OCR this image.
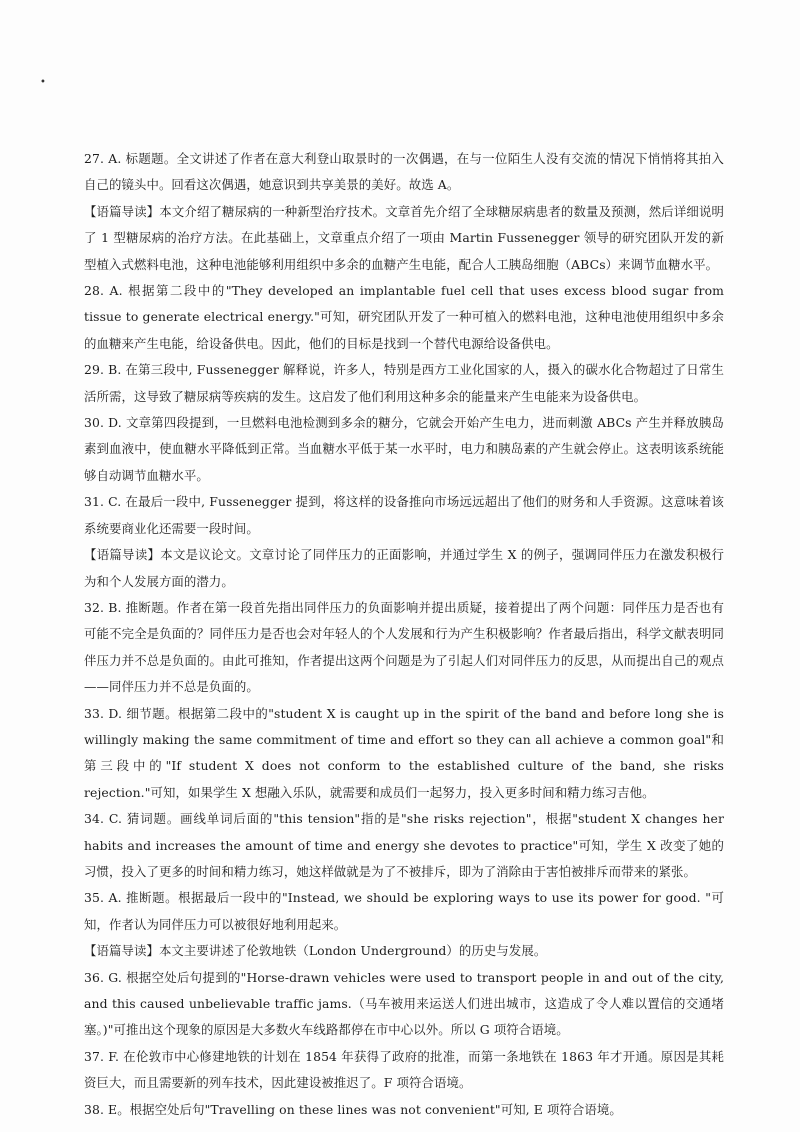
•

27. A. 标题题。全文讲述了作者在意大利登山取景时的一次偶遇，在与一位陌生人没有交流的情况下悄悄将其拍入自己的镜头中。回看这次偶遇，她意识到共享美景的美好。故选 A。

【语篇导读】本文介绍了糖尿病的一种新型治疗技术。文章首先介绍了全球糖尿病患者的数量及预测，然后详细说明了 1 型糖尿病的治疗方法。在此基础上，文章重点介绍了一项由 Martin Fussenegger 领导的研究团队开发的新型植入式燃料电池，这种电池能够利用组织中多余的血糖产生电能，配合人工胰岛细胞（ABCs）来调节血糖水平。

28. A. 根据第二段中的"They developed an implantable fuel cell that uses excess blood sugar from tissue to generate electrical energy."可知，研究团队开发了一种可植入的燃料电池，这种电池使用组织中多余的血糖来产生电能，给设备供电。因此，他们的目标是找到一个替代电源给设备供电。

29. B. 在第三段中, Fussenegger 解释说，许多人，特别是西方工业化国家的人，摄入的碳水化合物超过了日常生活所需，这导致了糖尿病等疾病的发生。这启发了他们利用这种多余的能量来产生电能来为设备供电。

30. D. 文章第四段提到，一旦燃料电池检测到多余的糖分，它就会开始产生电力，进而刺激 ABCs 产生并释放胰岛素到血液中，使血糖水平降低到正常。当血糖水平低于某一水平时，电力和胰岛素的产生就会停止。这表明该系统能够自动调节血糖水平。

31. C. 在最后一段中, Fussenegger 提到，将这样的设备推向市场远远超出了他们的财务和人手资源。这意味着该系统要商业化还需要一段时间。

【语篇导读】本文是议论文。文章讨论了同伴压力的正面影响，并通过学生 X 的例子，强调同伴压力在激发积极行为和个人发展方面的潜力。

32. B. 推断题。作者在第一段首先指出同伴压力的负面影响并提出质疑，接着提出了两个问题：同伴压力是否也有可能不完全是负面的？同伴压力是否也会对年轻人的个人发展和行为产生积极影响？作者最后指出，科学文献表明同伴压力并不总是负面的。由此可推知，作者提出这两个问题是为了引起人们对同伴压力的反思，从而提出自己的观点——同伴压力并不总是负面的。

33. D. 细节题。根据第二段中的"student X is caught up in the spirit of the band and before long she is willingly making the same commitment of time and effort so they can all achieve a common goal"和第三段中的"If student X does not conform to the established culture of the band, she risks rejection."可知，如果学生 X 想融入乐队，就需要和成员们一起努力，投入更多时间和精力练习吉他。

34. C. 猜词题。画线单词后面的"this tension"指的是"she risks rejection"，根据"student X changes her habits and increases the amount of time and energy she devotes to practice"可知，学生 X 改变了她的习惯，投入了更多的时间和精力练习，她这样做就是为了不被排斥，即为了消除由于害怕被排斥而带来的紧张。

35. A. 推断题。根据最后一段中的"Instead, we should be exploring ways to use its power for good. "可知，作者认为同伴压力可以被很好地利用起来。

【语篇导读】本文主要讲述了伦敦地铁（London Underground）的历史与发展。

36. G. 根据空处后句提到的"Horse-drawn vehicles were used to transport people in and out of the city, and this caused unbelievable traffic jams.（马车被用来运送人们进出城市，这造成了令人难以置信的交通堵塞。)"可推出这个现象的原因是大多数火车线路都停在市中心以外。所以 G 项符合语境。

37. F. 在伦敦市中心修建地铁的计划在 1854 年获得了政府的批准，而第一条地铁在 1863 年才开通。原因是其耗资巨大，而且需要新的列车技术，因此建设被推迟了。F 项符合语境。

38. E。根据空处后句"Travelling on these lines was not convenient"可知, E 项符合语境。
